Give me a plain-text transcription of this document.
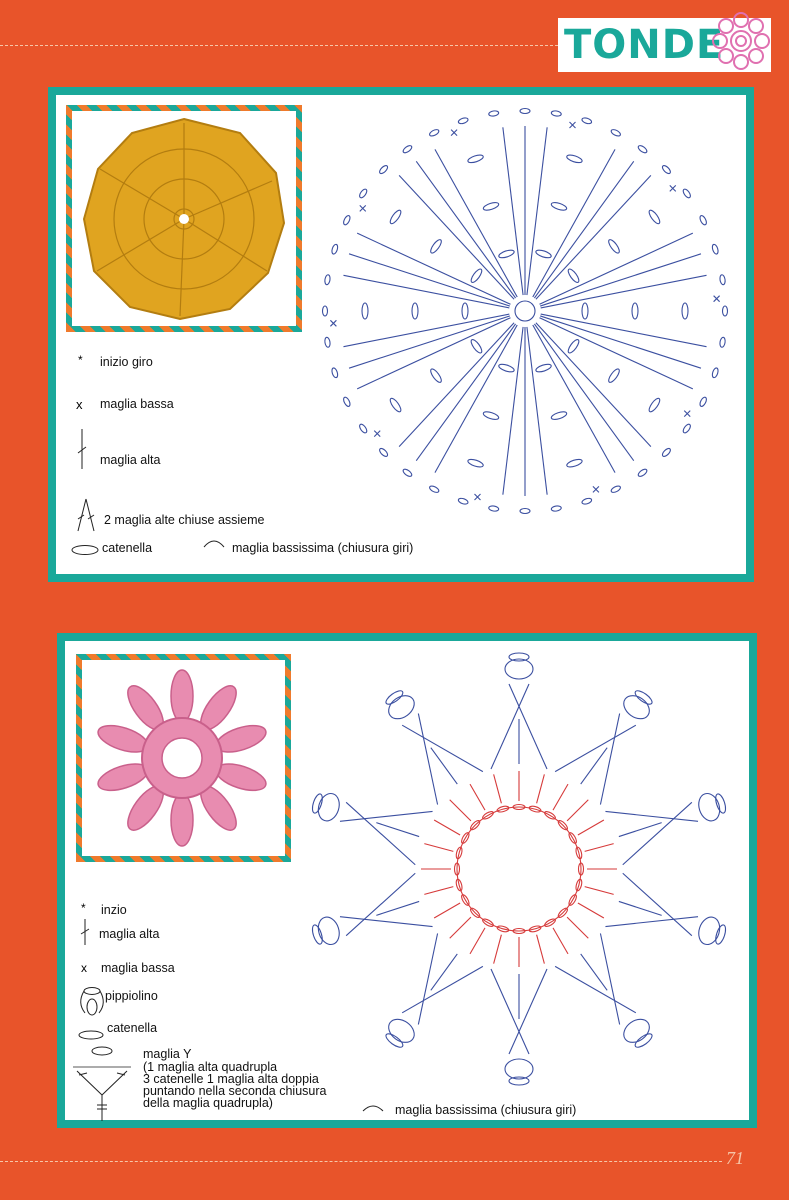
TONDE
* inizio giro
x maglia bassa
maglia alta
2 maglia alte chiuse assieme
catenella	maglia bassissima (chiusura giri)
* inzio
maglia alta
x maglia bassa
pippiolino
catenella
maglia Y
(1 maglia alta quadrupla
3 catenelle 1 maglia alta doppia
puntando nella seconda chiusura
della maglia quadrupla)	maglia bassissima (chiusura giri)
71
